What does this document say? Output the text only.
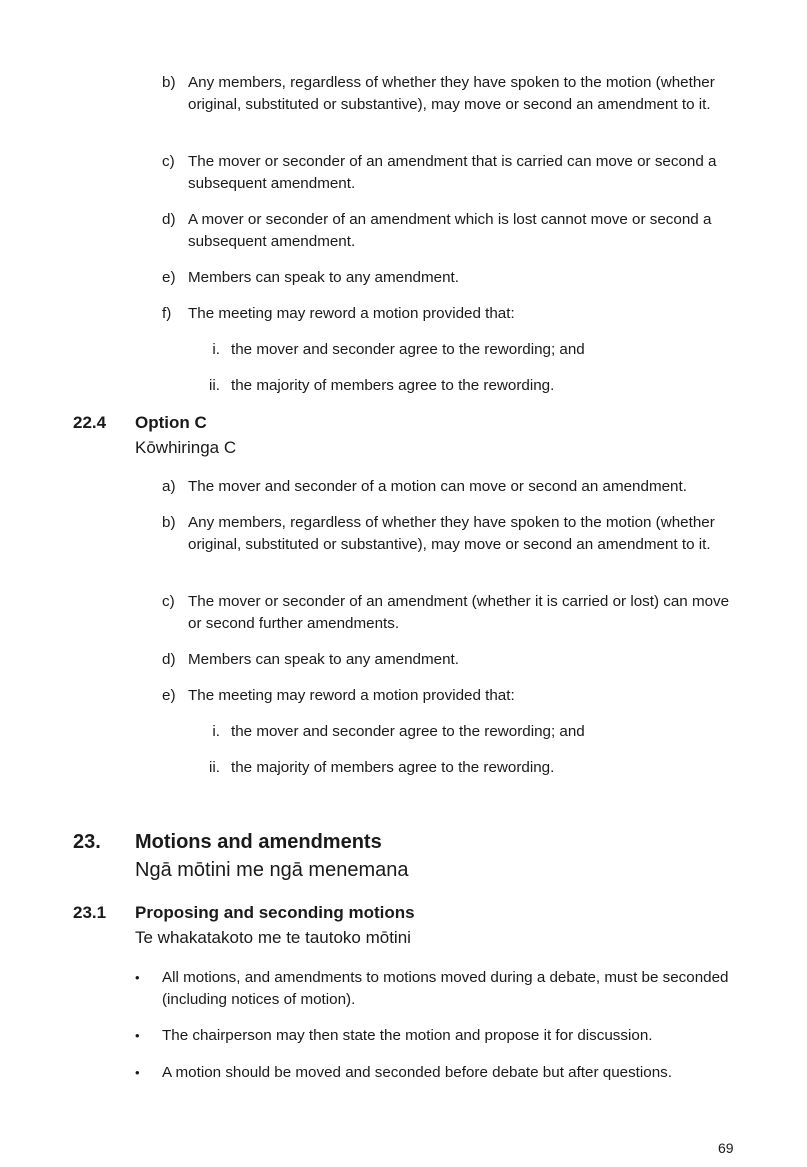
b) Any members, regardless of whether they have spoken to the motion (whether original, substituted or substantive), may move or second an amendment to it.
c) The mover or seconder of an amendment that is carried can move or second a subsequent amendment.
d) A mover or seconder of an amendment which is lost cannot move or second a subsequent amendment.
e) Members can speak to any amendment.
f)	The meeting may reword a motion provided that:
i. the mover and seconder agree to the rewording; and
ii. the majority of members agree to the rewording.
22.4 Option C
Kōwhiringa C
a) The mover and seconder of a motion can move or second an amendment.
b) Any members, regardless of whether they have spoken to the motion (whether original, substituted or substantive), may move or second an amendment to it.
c) The mover or seconder of an amendment (whether it is carried or lost) can move or second further amendments.
d) Members can speak to any amendment.
e) The meeting may reword a motion provided that:
i. the mover and seconder agree to the rewording; and
ii. the majority of members agree to the rewording.
23. Motions and amendments
Ngā mōtini me ngā menemana
23.1 Proposing and seconding motions
Te whakatakoto me te tautoko mōtini
• All motions, and amendments to motions moved during a debate, must be seconded (including notices of motion).
• The chairperson may then state the motion and propose it for discussion.
• A motion should be moved and seconded before debate but after questions.
69
